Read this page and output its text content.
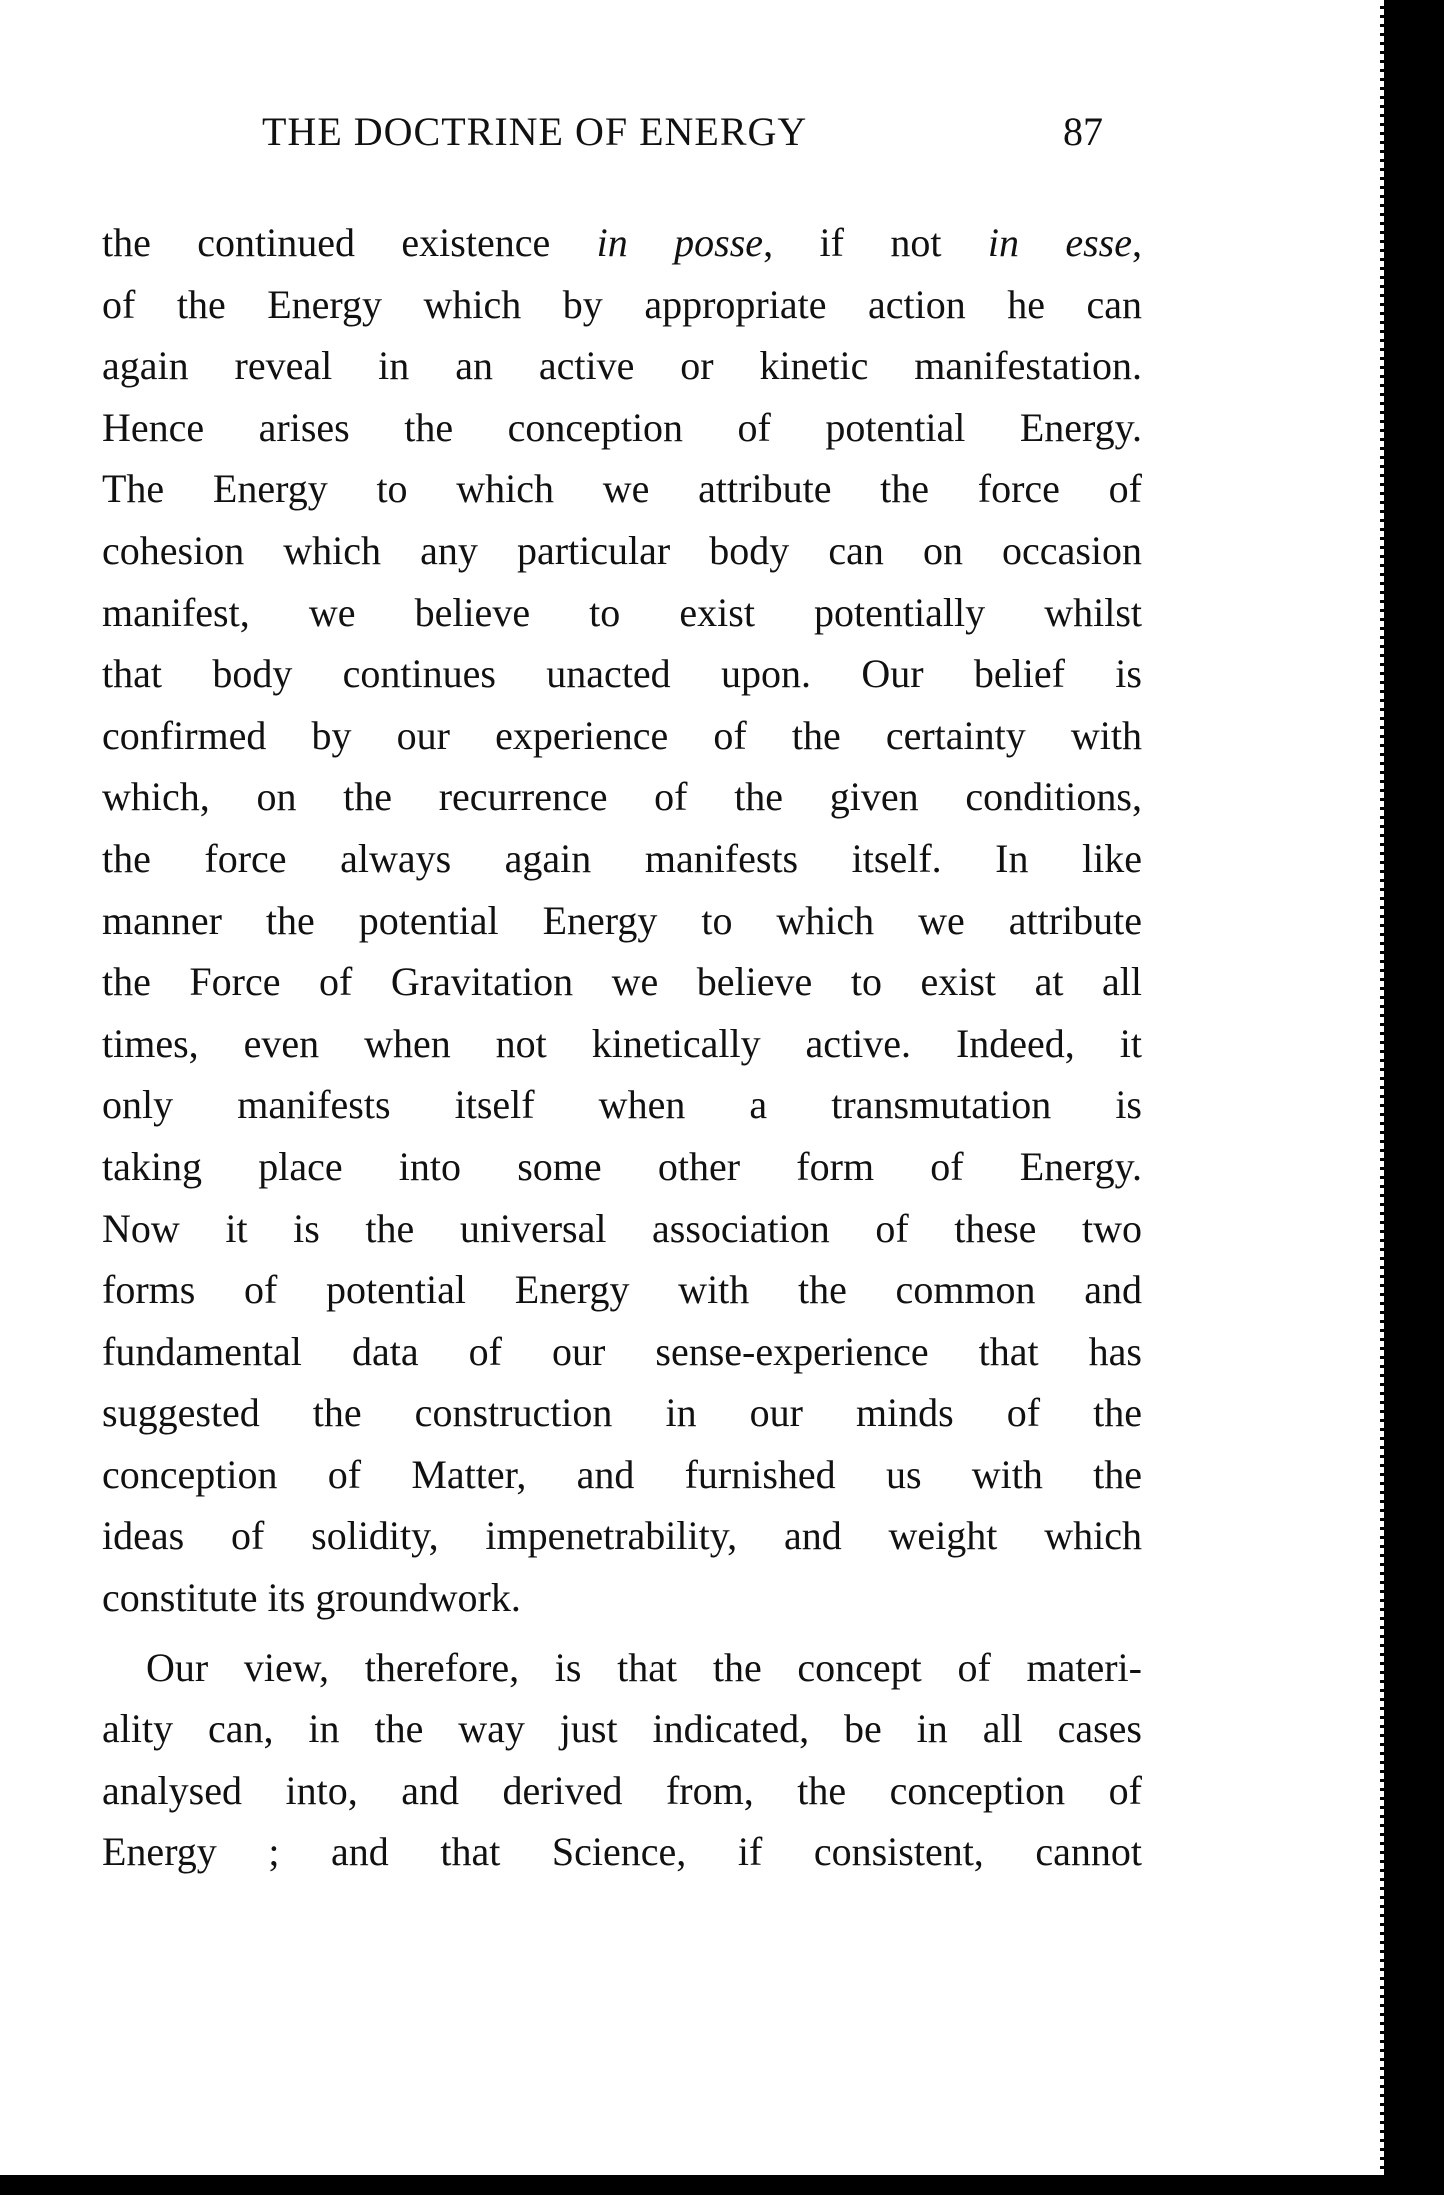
THE DOCTRINE OF ENERGY	87
the continued existence in posse, if not in esse,
of the Energy which by appropriate action he can
again reveal in an active or kinetic manifestation.
Hence arises the conception of potential Energy.
The Energy to which we attribute the force of
cohesion which any particular body can on occasion
manifest, we believe to exist potentially whilst
that body continues unacted upon. Our belief is
confirmed by our experience of the certainty with
which, on the recurrence of the given conditions,
the force always again manifests itself. In like
manner the potential Energy to which we attribute
the Force of Gravitation we believe to exist at all
times, even when not kinetically active. Indeed, it
only manifests itself when a transmutation is
taking place into some other form of Energy.
Now it is the universal association of these two
forms of potential Energy with the common and
fundamental data of our sense-experience that has
suggested the construction in our minds of the
conception of Matter, and furnished us with the
ideas of solidity, impenetrability, and weight which
constitute its groundwork.
Our view, therefore, is that the concept of materi-
ality can, in the way just indicated, be in all cases
analysed into, and derived from, the conception of
Energy ; and that Science, if consistent, cannot
